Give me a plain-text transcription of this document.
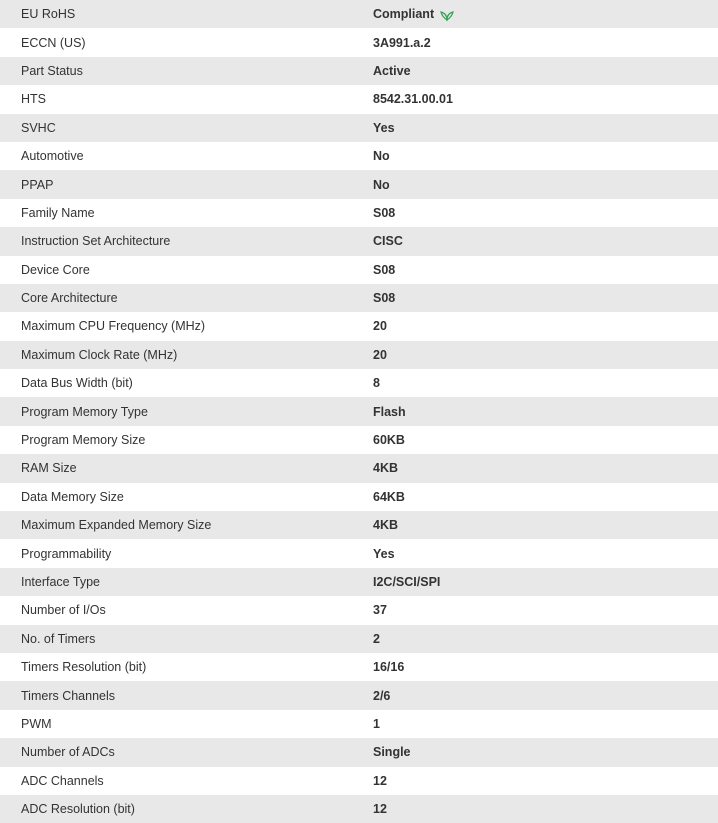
EU RoHS	Compliant

ECCN (US)	3A991.a.2
Part Status	Active
HTS	8542.31.00.01
SVHC	Yes
Automotive	No
PPAP	No
Family Name	S08
Instruction Set Architecture	CISC
Device Core	S08
Core Architecture	S08
Maximum CPU Frequency (MHz)	20
Maximum Clock Rate (MHz)	20
Data Bus Width (bit)	8
Program Memory Type	Flash
Program Memory Size	60KB
RAM Size	4KB
Data Memory Size	64KB
Maximum Expanded Memory Size	4KB
Programmability	Yes
Interface Type	I2C/SCI/SPI
Number of I/Os	37
No. of Timers	2
Timers Resolution (bit)	16/16
Timers Channels	2/6
PWM	1
Number of ADCs	Single
ADC Channels	12
ADC Resolution (bit)	12
